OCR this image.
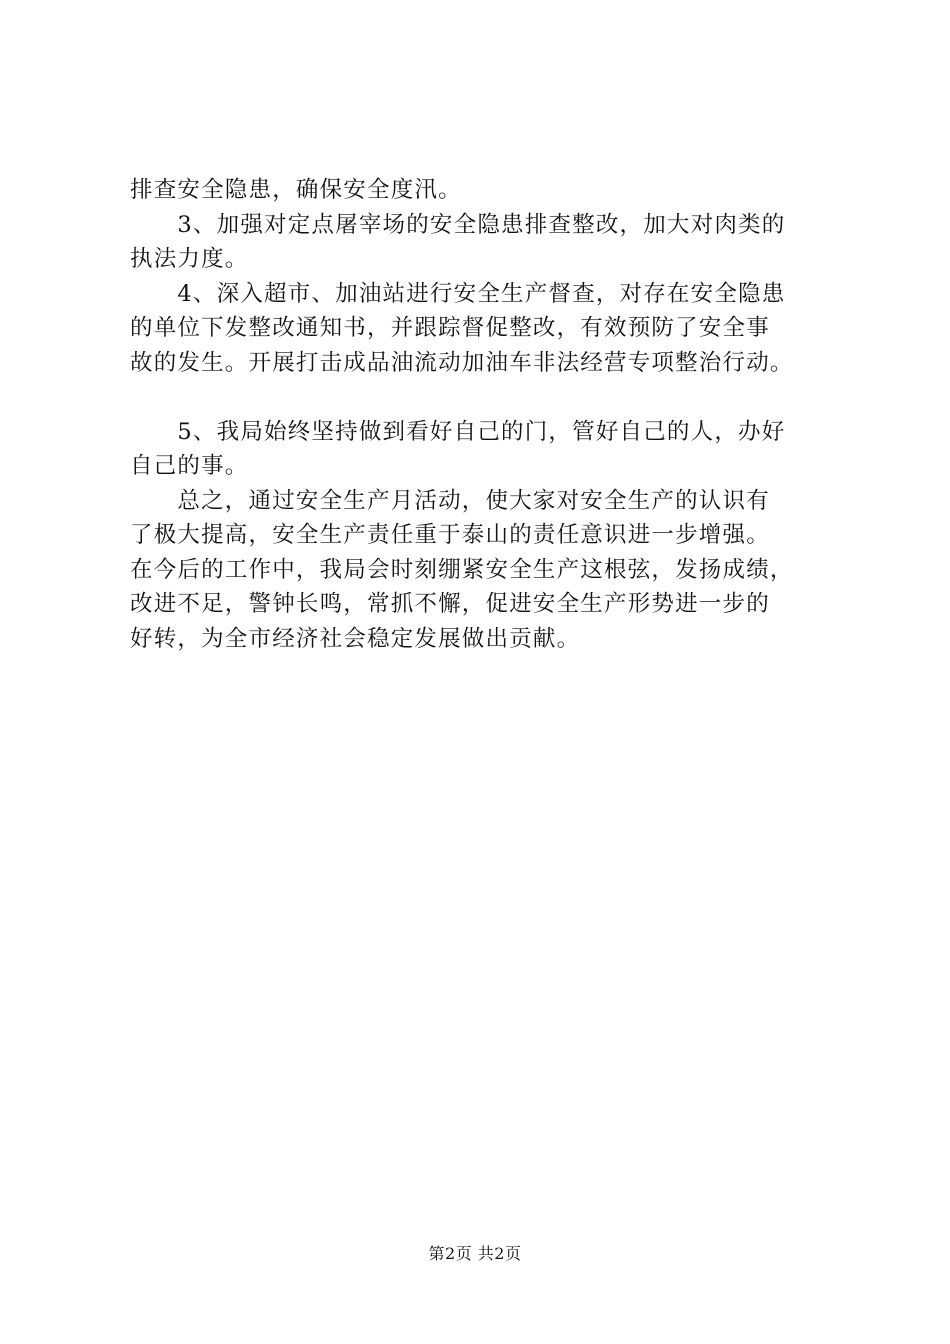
排查安全隐患，确保安全度汛。
　　3、加强对定点屠宰场的安全隐患排查整改，加大对肉类的
执法力度。
　　4、深入超市、加油站进行安全生产督查，对存在安全隐患
的单位下发整改通知书，并跟踪督促整改，有效预防了安全事
故的发生。开展打击成品油流动加油车非法经营专项整治行动。
　　5、我局始终坚持做到看好自己的门，管好自己的人，办好
自己的事。
　　总之，通过安全生产月活动，使大家对安全生产的认识有
了极大提高，安全生产责任重于泰山的责任意识进一步增强。
在今后的工作中，我局会时刻绷紧安全生产这根弦，发扬成绩，
改进不足，警钟长鸣，常抓不懈，促进安全生产形势进一步的
好转，为全市经济社会稳定发展做出贡献。
第2页 共2页
